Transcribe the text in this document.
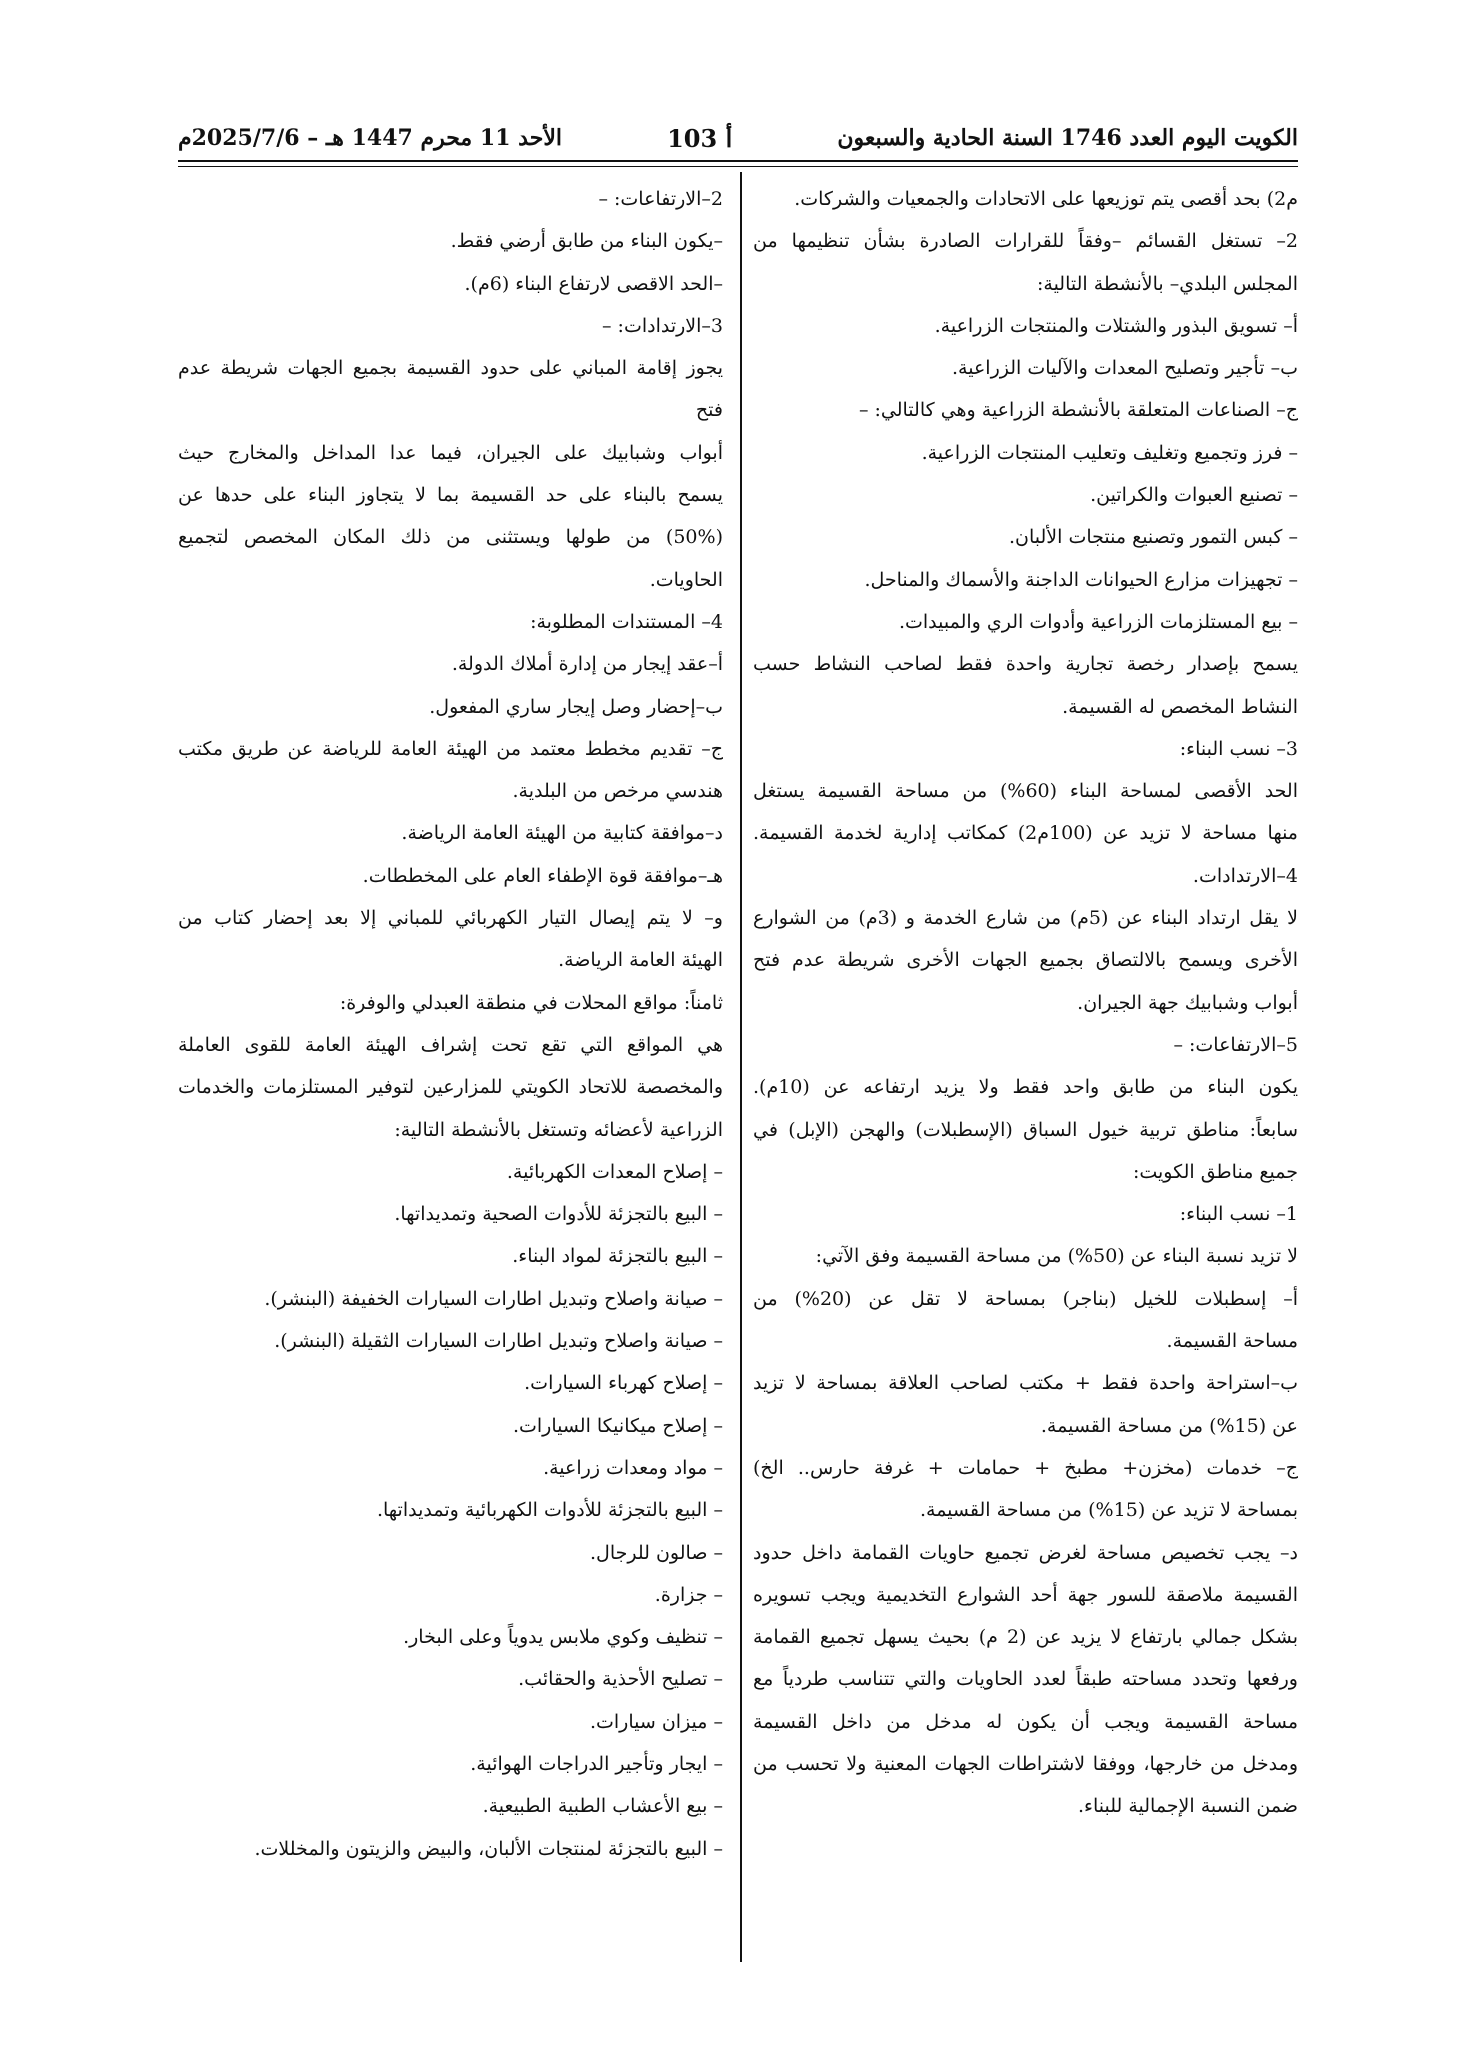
الكويت اليوم العدد 1746 السنة الحادية والسبعون
أ 103
الأحد 11 محرم 1447 هـ – 2025/7/6م

م2) بحد أقصى يتم توزيعها على الاتحادات والجمعيات والشركات.

2– تستغل القسائم –وفقاً للقرارات الصادرة بشأن تنظيمها من

المجلس البلدي– بالأنشطة التالية:

أ– تسويق البذور والشتلات والمنتجات الزراعية.

ب– تأجير وتصليح المعدات والآليات الزراعية.

ج– الصناعات المتعلقة بالأنشطة الزراعية وهي كالتالي: –

– فرز وتجميع وتغليف وتعليب المنتجات الزراعية.

– تصنيع العبوات والكراتين.

– كبس التمور وتصنيع منتجات الألبان.

– تجهيزات مزارع الحيوانات الداجنة والأسماك والمناحل.

– بيع المستلزمات الزراعية وأدوات الري والمبيدات.

يسمح بإصدار رخصة تجارية واحدة فقط لصاحب النشاط حسب

النشاط المخصص له القسيمة.

3– نسب البناء:

الحد الأقصى لمساحة البناء (60%) من مساحة القسيمة يستغل

منها مساحة لا تزيد عن (100م2) كمكاتب إدارية لخدمة القسيمة.

4–الارتدادات.

لا يقل ارتداد البناء عن (5م) من شارع الخدمة و (3م) من الشوارع

الأخرى ويسمح بالالتصاق بجميع الجهات الأخرى شريطة عدم فتح

أبواب وشبابيك جهة الجيران.

5–الارتفاعات: –

يكون البناء من طابق واحد فقط ولا يزيد ارتفاعه عن (10م).

سابعاً: مناطق تربية خيول السباق (الإسطبلات) والهجن (الإبل) في

جميع مناطق الكويت:

1– نسب البناء:

لا تزيد نسبة البناء عن (50%) من مساحة القسيمة وفق الآتي:

أ– إسطبلات للخيل (بناجر) بمساحة لا تقل عن (20%) من

مساحة القسيمة.

ب–استراحة واحدة فقط + مكتب لصاحب العلاقة بمساحة لا تزيد

عن (15%) من مساحة القسيمة.

ج– خدمات (مخزن+ مطبخ + حمامات + غرفة حارس.. الخ)

بمساحة لا تزيد عن (15%) من مساحة القسيمة.

د– يجب تخصيص مساحة لغرض تجميع حاويات القمامة داخل حدود

القسيمة ملاصقة للسور جهة أحد الشوارع التخديمية ويجب تسويره

بشكل جمالي بارتفاع لا يزيد عن (2 م) بحيث يسهل تجميع القمامة

ورفعها وتحدد مساحته طبقاً لعدد الحاويات والتي تتناسب طردياً مع

مساحة القسيمة ويجب أن يكون له مدخل من داخل القسيمة

ومدخل من خارجها، ووفقا لاشتراطات الجهات المعنية ولا تحسب من

ضمن النسبة الإجمالية للبناء.

2–الارتفاعات: –

–يكون البناء من طابق أرضي فقط.

–الحد الاقصى لارتفاع البناء (6م).

3–الارتدادات: –

يجوز إقامة المباني على حدود القسيمة بجميع الجهات شريطة عدم فتح

أبواب وشبابيك على الجيران، فيما عدا المداخل والمخارج حيث

يسمح بالبناء على حد القسيمة بما لا يتجاوز البناء على حدها عن

(50%) من طولها ويستثنى من ذلك المكان المخصص لتجميع

الحاويات.

4– المستندات المطلوبة:

أ–عقد إيجار من إدارة أملاك الدولة.

ب–إحضار وصل إيجار ساري المفعول.

ج– تقديم مخطط معتمد من الهيئة العامة للرياضة عن طريق مكتب

هندسي مرخص من البلدية.

د–موافقة كتابية من الهيئة العامة الرياضة.

هـ–موافقة قوة الإطفاء العام على المخططات.

و– لا يتم إيصال التيار الكهربائي للمباني إلا بعد إحضار كتاب من

الهيئة العامة الرياضة.

ثامناً: مواقع المحلات في منطقة العبدلي والوفرة:

هي المواقع التي تقع تحت إشراف الهيئة العامة للقوى العاملة

والمخصصة للاتحاد الكويتي للمزارعين لتوفير المستلزمات والخدمات

الزراعية لأعضائه وتستغل بالأنشطة التالية:

– إصلاح المعدات الكهربائية.

– البيع بالتجزئة للأدوات الصحية وتمديداتها.

– البيع بالتجزئة لمواد البناء.

– صيانة واصلاح وتبديل اطارات السيارات الخفيفة (البنشر).

– صيانة واصلاح وتبديل اطارات السيارات الثقيلة (البنشر).

– إصلاح كهرباء السيارات.

– إصلاح ميكانيكا السيارات.

– مواد ومعدات زراعية.

– البيع بالتجزئة للأدوات الكهربائية وتمديداتها.

– صالون للرجال.

– جزارة.

– تنظيف وكوي ملابس يدوياً وعلى البخار.

– تصليح الأحذية والحقائب.

– ميزان سيارات.

– ايجار وتأجير الدراجات الهوائية.

– بيع الأعشاب الطبية الطبيعية.

– البيع بالتجزئة لمنتجات الألبان، والبيض والزيتون والمخللات.
